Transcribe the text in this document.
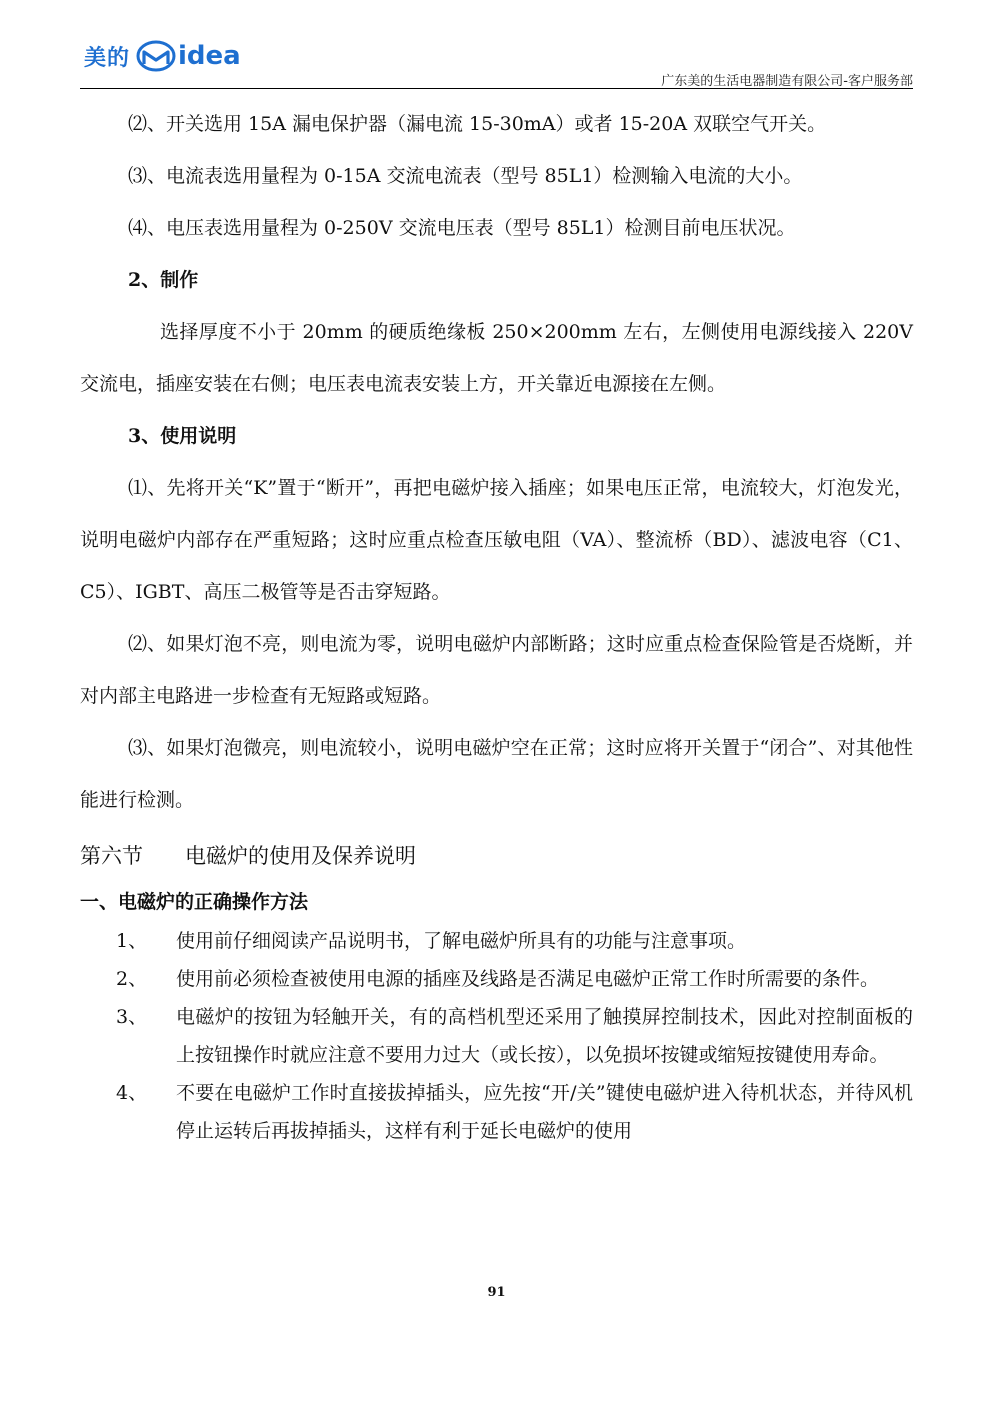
美的 idea
广东美的生活电器制造有限公司-客户服务部

⑵、开关选用 15A 漏电保护器（漏电流 15-30mA）或者 15-20A 双联空气开关。

⑶、电流表选用量程为 0-15A 交流电流表（型号 85L1）检测输入电流的大小。

⑷、电压表选用量程为 0-250V 交流电压表（型号 85L1）检测目前电压状况。

2、制作

选择厚度不小于 20mm 的硬质绝缘板 250×200mm 左右，左侧使用电源线接入 220V 交流电，插座安装在右侧；电压表电流表安装上方，开关靠近电源接在左侧。

3、使用说明

⑴、先将开关“K”置于“断开”，再把电磁炉接入插座；如果电压正常，电流较大，灯泡发光，说明电磁炉内部存在严重短路；这时应重点检查压敏电阻（VA）、整流桥（BD）、滤波电容（C1、C5）、IGBT、高压二极管等是否击穿短路。

⑵、如果灯泡不亮，则电流为零，说明电磁炉内部断路；这时应重点检查保险管是否烧断，并对内部主电路进一步检查有无短路或短路。

⑶、如果灯泡微亮，则电流较小，说明电磁炉空在正常；这时应将开关置于“闭合”、对其他性能进行检测。

第六节 电磁炉的使用及保养说明
一、电磁炉的正确操作方法
1、	使用前仔细阅读产品说明书，了解电磁炉所具有的功能与注意事项。
2、	使用前必须检查被使用电源的插座及线路是否满足电磁炉正常工作时所需要的条件。
3、	电磁炉的按钮为轻触开关，有的高档机型还采用了触摸屏控制技术，因此对控制面板的上按钮操作时就应注意不要用力过大（或长按），以免损坏按键或缩短按键使用寿命。
4、	不要在电磁炉工作时直接拔掉插头，应先按“开/关”键使电磁炉进入待机状态，并待风机停止运转后再拔掉插头，这样有利于延长电磁炉的使用
91
